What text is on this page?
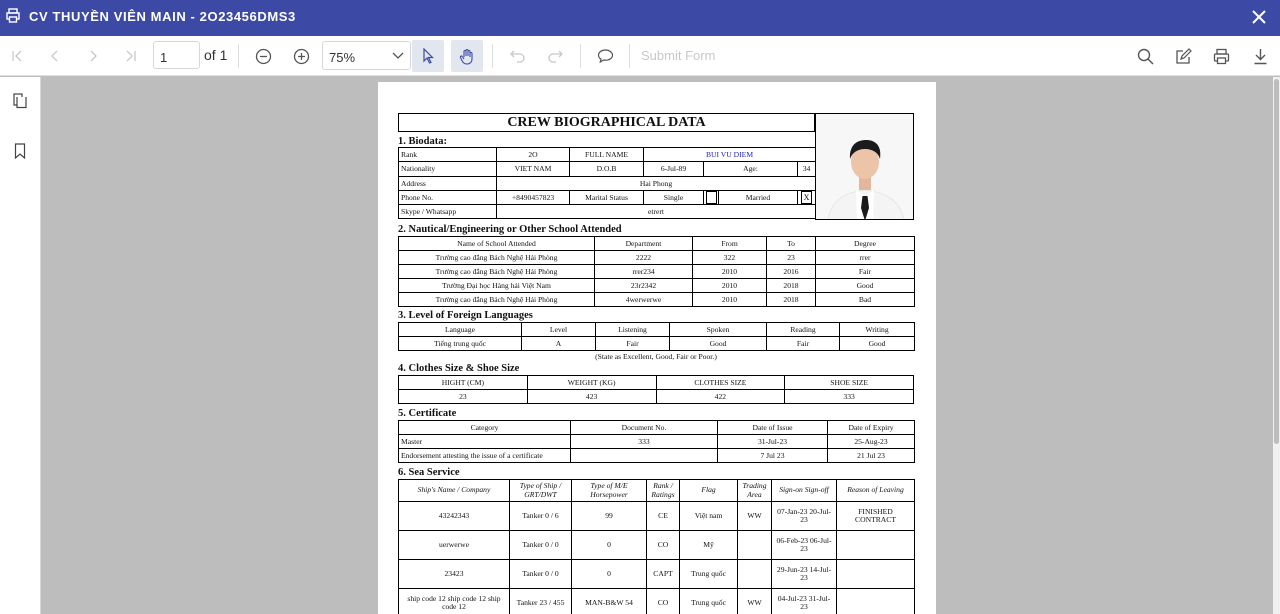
CV THUYỀN VIÊN MAIN - 2O23456DMS3
1	of 1	75%	Submit Form
CREW BIOGRAPHICAL DATA
1. Biodata:
Rank	2O	FULL NAME	BUI VU DIEM			
Nationality	VIET NAM	D.O.B	6-Jul-89	Age:		34
Address	Hai Phong					
Phone No.	+8490457823	Marital Status	Single		Married	X
Skype / Whatsapp	etrert					
2. Nautical/Engineering or Other School Attended
Name of School Attended	Department	From	To	Degree
Trường cao đẳng Bách Nghệ Hải Phòng	2222	322	23	rrer
Trường cao đẳng Bách Nghệ Hải Phòng	rrer234	2010	2016	Fair
Trường Đại học Hàng hải Việt Nam	23r2342	2010	2018	Good
Trường cao đẳng Bách Nghệ Hải Phòng	4werwerwe	2010	2018	Bad
3. Level of Foreign Languages
Language	Level	Listening	Spoken	Reading	Writing
Tiếng trung quốc	A	Fair	Good	Fair	Good
(State as Excellent, Good, Fair or Poor.)
4. Clothes Size & Shoe Size
HIGHT (CM)	WEIGHT (KG)	CLOTHES SIZE	SHOE SIZE
23	423	422	333
5. Certificate
Category	Document No.	Date of Issue	Date of Expiry
Master	333	31-Jul-23	25-Aug-23
Endorsement attesting the issue of a certificate		7 Jul 23	21 Jul 23
6. Sea Service
Ship's Name / Company	Type of Ship / GRT/DWT	Type of M/E Horsepower	Rank / Ratings	Flag	Trading Area	Sign-on Sign-off	Reason of Leaving
43242343	Tanker 0 / 6	99	CE	Việt nam	WW	07-Jan-23 20-Jul-23	FINISHED CONTRACT
uerwerwe	Tanker 0 / 0	0	CO	Mỹ		06-Feb-23 06-Jul-23	
23423	Tanker 0 / 0	0	CAPT	Trung quốc		29-Jun-23 14-Jul-23	
ship code 12 ship code 12 ship code 12	Tanker 23 / 455	MAN-B&W 54	CO	Trung quốc	WW	04-Jul-23 31-Jul-23	
